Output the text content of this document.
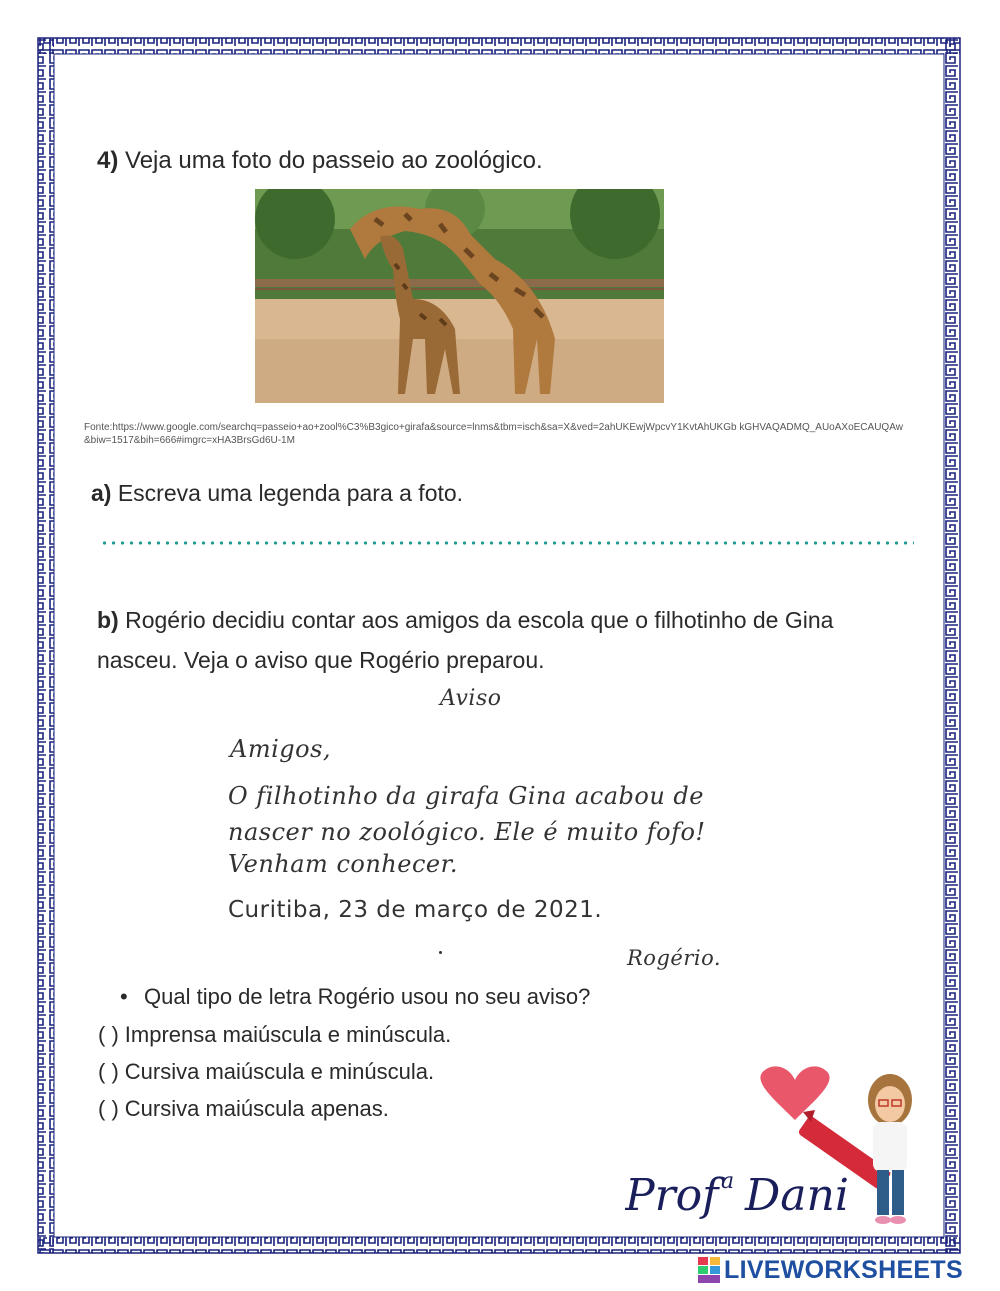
4) Veja uma foto do passeio ao zoológico.
Fonte:https://www.google.com/searchq=passeio+ao+zool%C3%B3gico+girafa&source=lnms&tbm=isch&sa=X&ved=2ahUKEwjWpcvY1KvtAhUKGb kGHVAQADMQ_AUoAXoECAUQAw&biw=1517&bih=666#imgrc=xHA3BrsGd6U-1M
a) Escreva uma legenda para a foto.
b) Rogério decidiu contar aos amigos da escola que o filhotinho de Gina nasceu. Veja o aviso que Rogério preparou.
Aviso
Amigos,
O filhotinho da girafa Gina acabou de
nascer no zoológico. Ele é muito fofo!
Venham conhecer.
Curitiba, 23 de março de 2021.
Rogério.
• Qual tipo de letra Rogério usou no seu aviso?
( ) Imprensa maiúscula e minúscula.
( ) Cursiva maiúscula e minúscula.
( ) Cursiva maiúscula apenas.
Prof a Dani
LIVEWORKSHEETS
